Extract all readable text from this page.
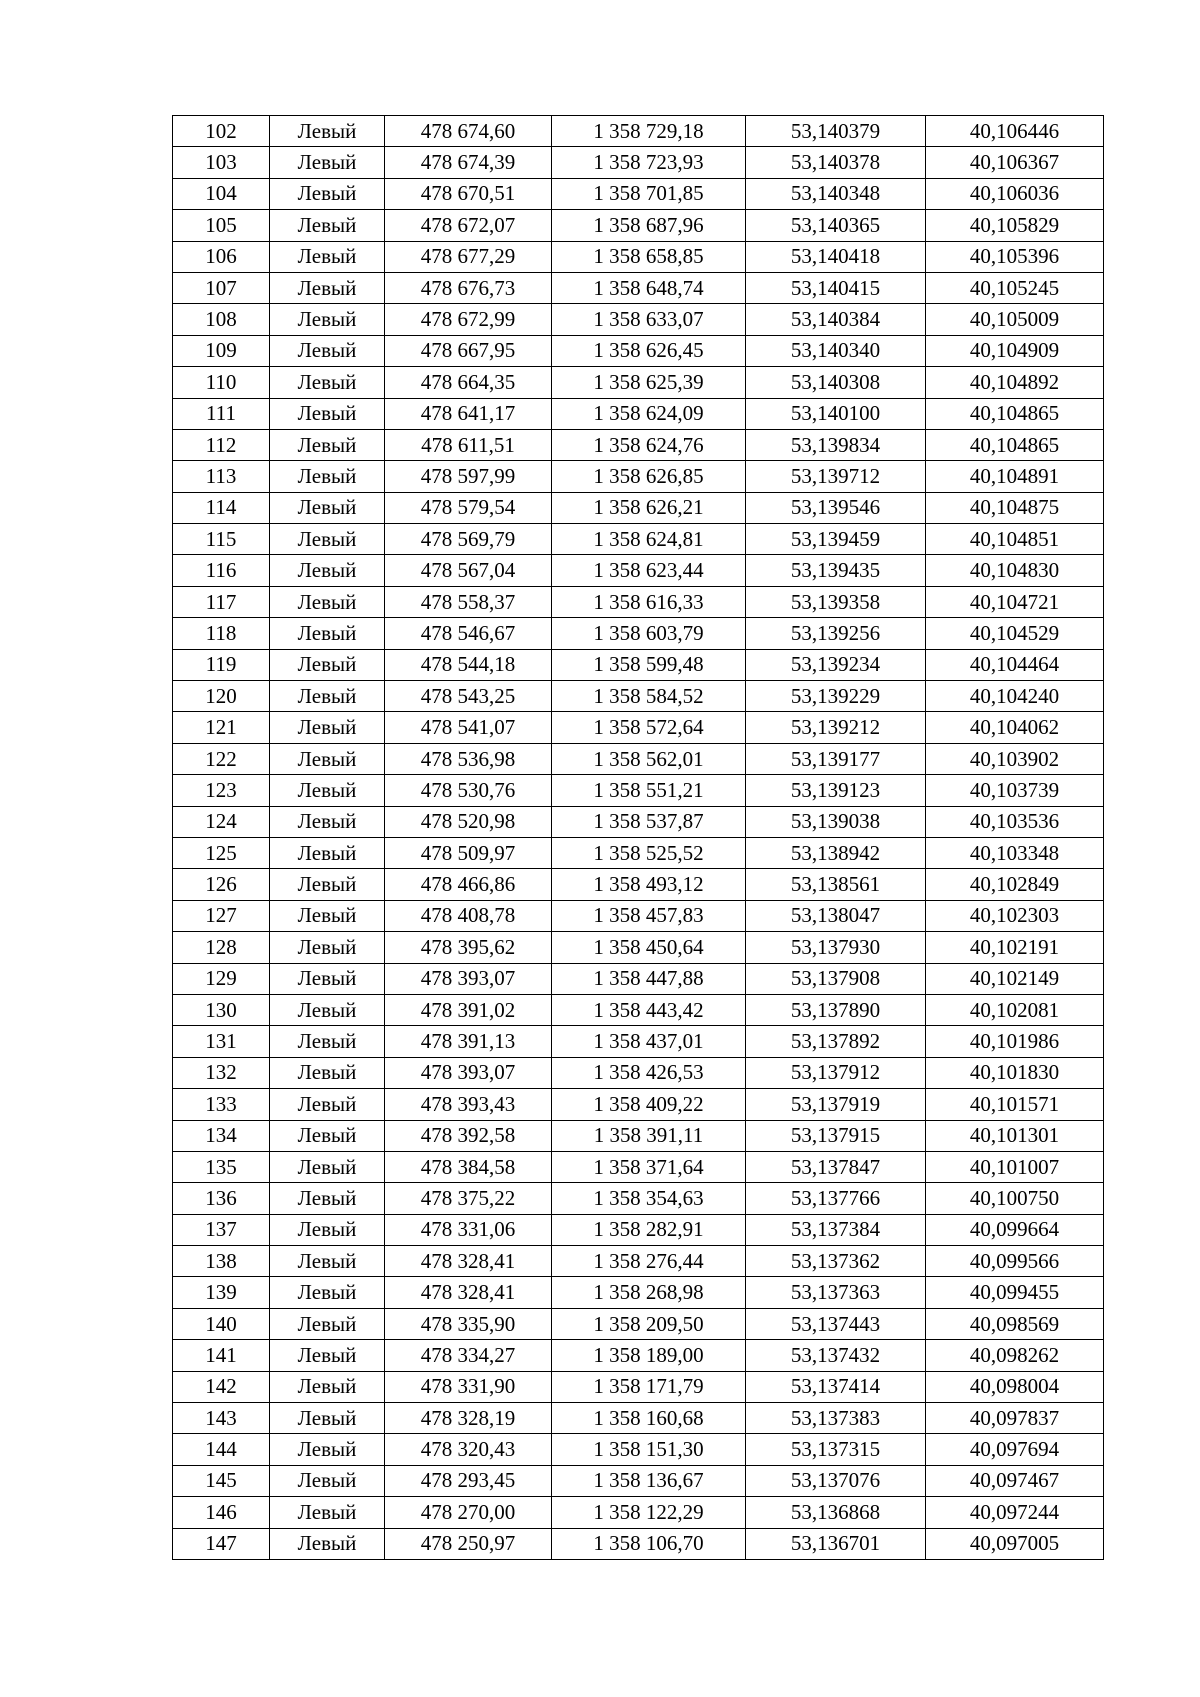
102	Левый	478 674,60	1 358 729,18	53,140379	40,106446
103	Левый	478 674,39	1 358 723,93	53,140378	40,106367
104	Левый	478 670,51	1 358 701,85	53,140348	40,106036
105	Левый	478 672,07	1 358 687,96	53,140365	40,105829
106	Левый	478 677,29	1 358 658,85	53,140418	40,105396
107	Левый	478 676,73	1 358 648,74	53,140415	40,105245
108	Левый	478 672,99	1 358 633,07	53,140384	40,105009
109	Левый	478 667,95	1 358 626,45	53,140340	40,104909
110	Левый	478 664,35	1 358 625,39	53,140308	40,104892
111	Левый	478 641,17	1 358 624,09	53,140100	40,104865
112	Левый	478 611,51	1 358 624,76	53,139834	40,104865
113	Левый	478 597,99	1 358 626,85	53,139712	40,104891
114	Левый	478 579,54	1 358 626,21	53,139546	40,104875
115	Левый	478 569,79	1 358 624,81	53,139459	40,104851
116	Левый	478 567,04	1 358 623,44	53,139435	40,104830
117	Левый	478 558,37	1 358 616,33	53,139358	40,104721
118	Левый	478 546,67	1 358 603,79	53,139256	40,104529
119	Левый	478 544,18	1 358 599,48	53,139234	40,104464
120	Левый	478 543,25	1 358 584,52	53,139229	40,104240
121	Левый	478 541,07	1 358 572,64	53,139212	40,104062
122	Левый	478 536,98	1 358 562,01	53,139177	40,103902
123	Левый	478 530,76	1 358 551,21	53,139123	40,103739
124	Левый	478 520,98	1 358 537,87	53,139038	40,103536
125	Левый	478 509,97	1 358 525,52	53,138942	40,103348
126	Левый	478 466,86	1 358 493,12	53,138561	40,102849
127	Левый	478 408,78	1 358 457,83	53,138047	40,102303
128	Левый	478 395,62	1 358 450,64	53,137930	40,102191
129	Левый	478 393,07	1 358 447,88	53,137908	40,102149
130	Левый	478 391,02	1 358 443,42	53,137890	40,102081
131	Левый	478 391,13	1 358 437,01	53,137892	40,101986
132	Левый	478 393,07	1 358 426,53	53,137912	40,101830
133	Левый	478 393,43	1 358 409,22	53,137919	40,101571
134	Левый	478 392,58	1 358 391,11	53,137915	40,101301
135	Левый	478 384,58	1 358 371,64	53,137847	40,101007
136	Левый	478 375,22	1 358 354,63	53,137766	40,100750
137	Левый	478 331,06	1 358 282,91	53,137384	40,099664
138	Левый	478 328,41	1 358 276,44	53,137362	40,099566
139	Левый	478 328,41	1 358 268,98	53,137363	40,099455
140	Левый	478 335,90	1 358 209,50	53,137443	40,098569
141	Левый	478 334,27	1 358 189,00	53,137432	40,098262
142	Левый	478 331,90	1 358 171,79	53,137414	40,098004
143	Левый	478 328,19	1 358 160,68	53,137383	40,097837
144	Левый	478 320,43	1 358 151,30	53,137315	40,097694
145	Левый	478 293,45	1 358 136,67	53,137076	40,097467
146	Левый	478 270,00	1 358 122,29	53,136868	40,097244
147	Левый	478 250,97	1 358 106,70	53,136701	40,097005
